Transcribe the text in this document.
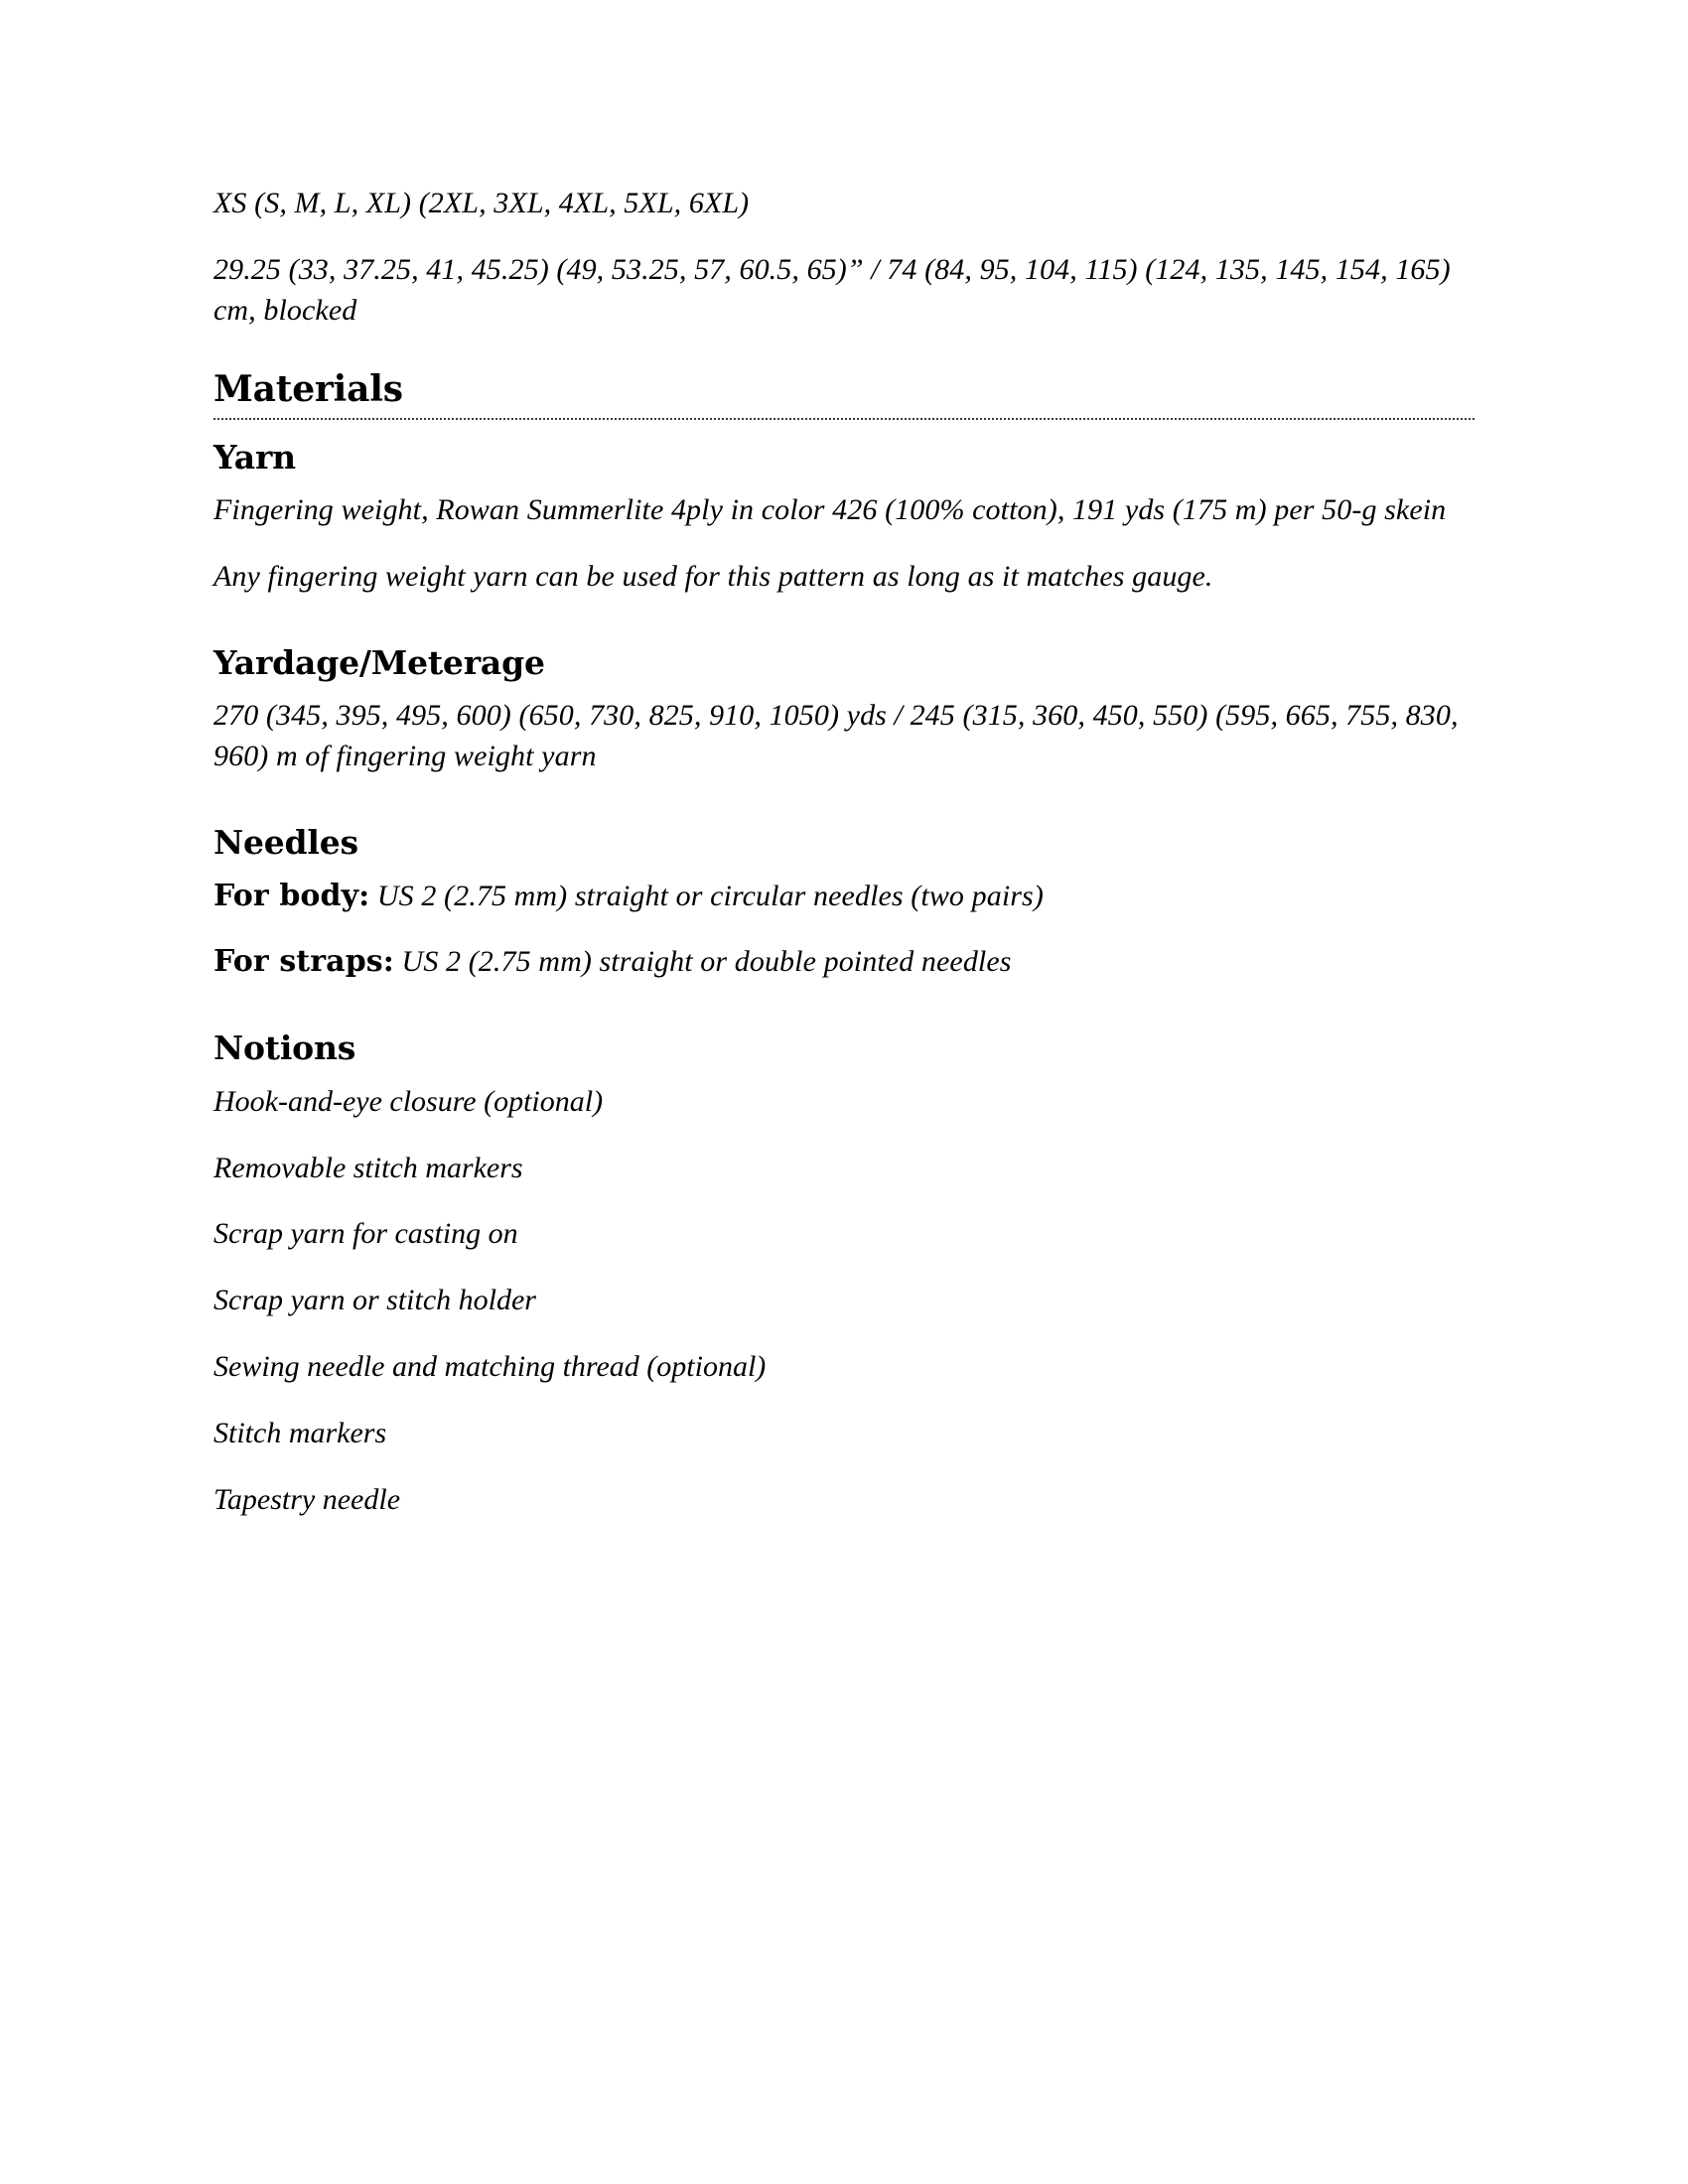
XS (S, M, L, XL) (2XL, 3XL, 4XL, 5XL, 6XL)

29.25 (33, 37.25, 41, 45.25) (49, 53.25, 57, 60.5, 65)” / 74 (84, 95, 104, 115) (124, 135, 145, 154, 165) cm, blocked

Materials
Yarn

Fingering weight, Rowan Summerlite 4ply in color 426 (100% cotton), 191 yds (175 m) per 50-g skein

Any fingering weight yarn can be used for this pattern as long as it matches gauge.

Yardage/Meterage

270 (345, 395, 495, 600) (650, 730, 825, 910, 1050) yds / 245 (315, 360, 450, 550) (595, 665, 755, 830, 960) m of fingering weight yarn

Needles

For body: US 2 (2.75 mm) straight or circular needles (two pairs)

For straps: US 2 (2.75 mm) straight or double pointed needles

Notions
Hook-and-eye closure (optional)
Removable stitch markers
Scrap yarn for casting on
Scrap yarn or stitch holder
Sewing needle and matching thread (optional)
Stitch markers
Tapestry needle
